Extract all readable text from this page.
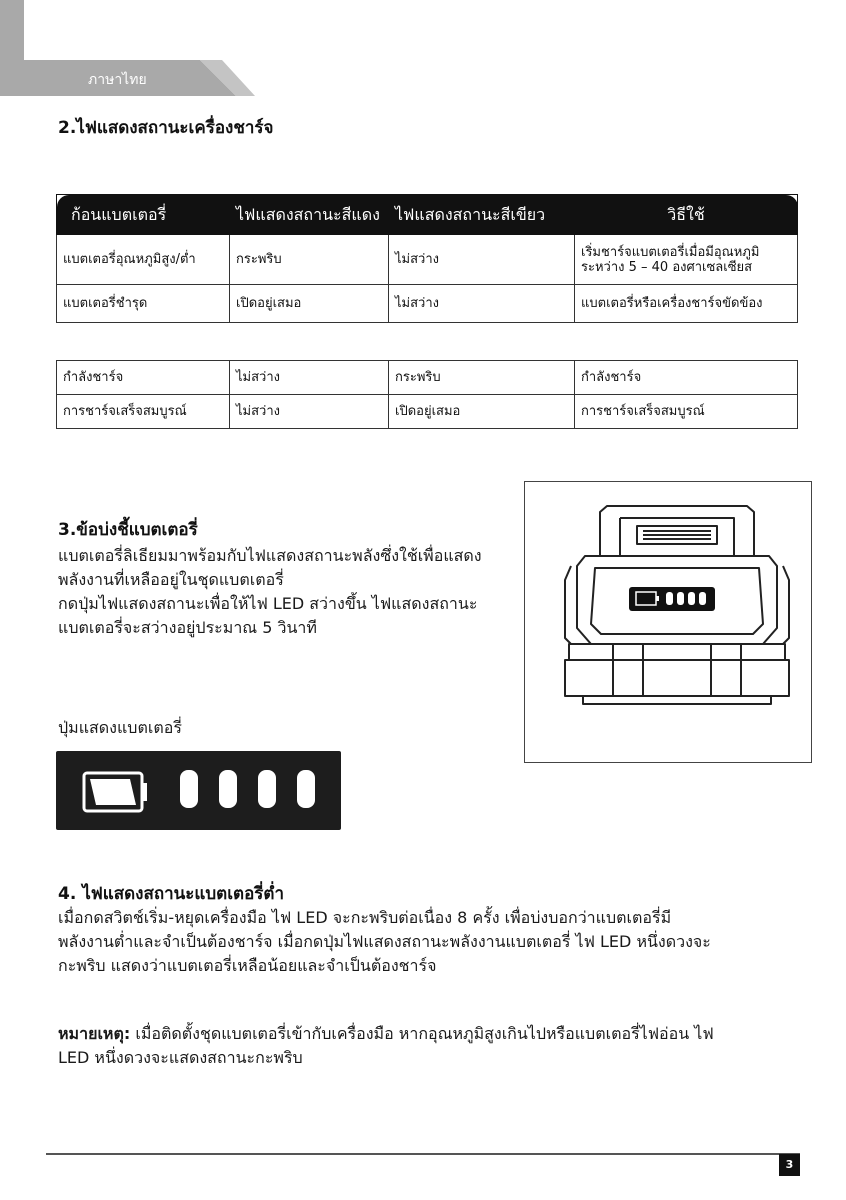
ภาษาไทย
2.ไฟแสดงสถานะเครื่องชาร์จ
ก้อนแบตเตอรี่	ไฟแสดงสถานะสีแดง	ไฟแสดงสถานะสีเขียว	วิธีใช้
แบตเตอรี่อุณหภูมิสูง/ต่ำ	กระพริบ	ไม่สว่าง	เริ่มชาร์จแบตเตอรี่เมื่อมีอุณหภูมิ ระหว่าง 5 – 40 องศาเซลเซียส
แบตเตอรี่ชำรุด	เปิดอยู่เสมอ	ไม่สว่าง	แบตเตอรี่หรือเครื่องชาร์จขัดข้อง
กำลังชาร์จ	ไม่สว่าง	กระพริบ	กำลังชาร์จ
การชาร์จเสร็จสมบูรณ์	ไม่สว่าง	เปิดอยู่เสมอ	การชาร์จเสร็จสมบูรณ์
3.ข้อบ่งชี้แบตเตอรี่
แบตเตอรี่ลิเธียมมาพร้อมกับไฟแสดงสถานะพลังซึ่งใช้เพื่อแสดง
พลังงานที่เหลืออยู่ในชุดแบตเตอรี่
กดปุ่มไฟแสดงสถานะเพื่อให้ไฟ LED สว่างขึ้น ไฟแสดงสถานะ
แบตเตอรี่จะสว่างอยู่ประมาณ 5 วินาที
ปุ่มแสดงแบตเตอรี่
4. ไฟแสดงสถานะแบตเตอรี่ต่ำ
เมื่อกดสวิตช์เริ่ม-หยุดเครื่องมือ ไฟ LED จะกะพริบต่อเนื่อง 8 ครั้ง เพื่อบ่งบอกว่าแบตเตอรี่มี
พลังงานต่ำและจำเป็นต้องชาร์จ เมื่อกดปุ่มไฟแสดงสถานะพลังงานแบตเตอรี่ ไฟ LED หนึ่งดวงจะ
กะพริบ แสดงว่าแบตเตอรี่เหลือน้อยและจำเป็นต้องชาร์จ
หมายเหตุ: เมื่อติดตั้งชุดแบตเตอรี่เข้ากับเครื่องมือ หากอุณหภูมิสูงเกินไปหรือแบตเตอรี่ไฟอ่อน ไฟ
LED หนึ่งดวงจะแสดงสถานะกะพริบ
3
